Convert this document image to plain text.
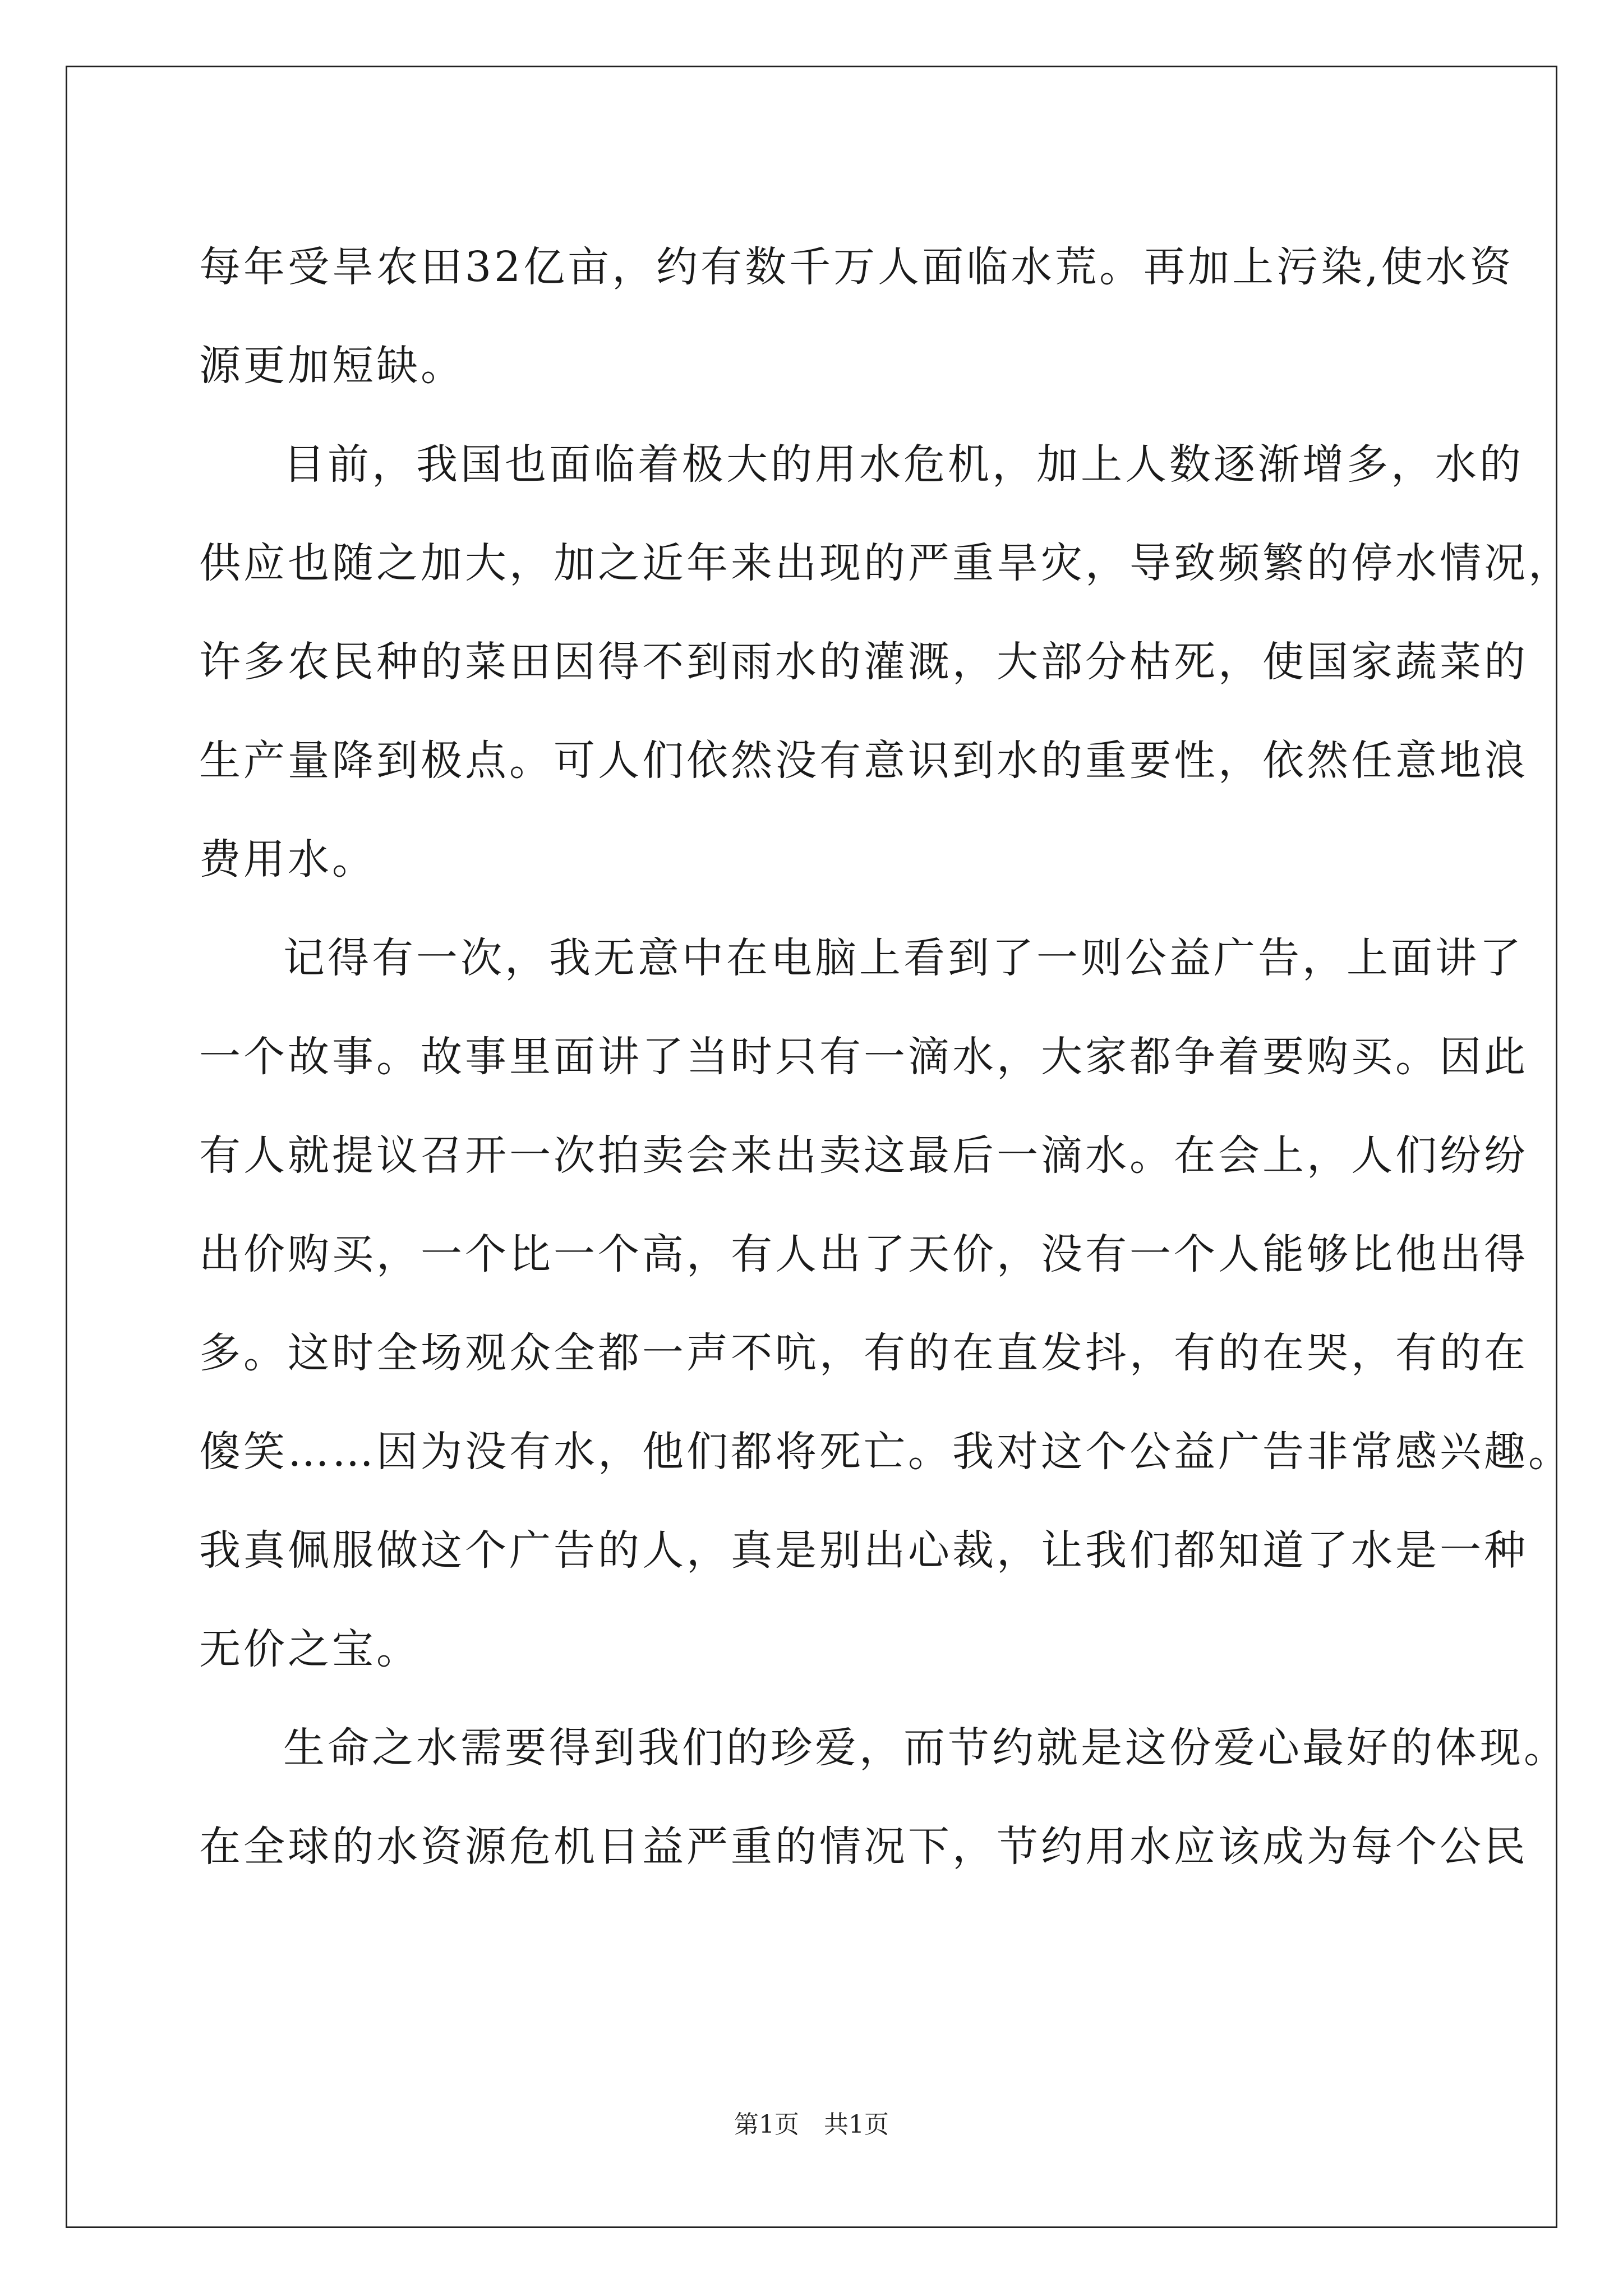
每年受旱农田32亿亩，约有数千万人面临水荒。再加上污染,使水资
源更加短缺。
目前，我国也面临着极大的用水危机，加上人数逐渐增多，水的
供应也随之加大，加之近年来出现的严重旱灾，导致频繁的停水情况，
许多农民种的菜田因得不到雨水的灌溉，大部分枯死，使国家蔬菜的
生产量降到极点。可人们依然没有意识到水的重要性，依然任意地浪
费用水。
记得有一次，我无意中在电脑上看到了一则公益广告，上面讲了
一个故事。故事里面讲了当时只有一滴水，大家都争着要购买。因此
有人就提议召开一次拍卖会来出卖这最后一滴水。在会上，人们纷纷
出价购买，一个比一个高，有人出了天价，没有一个人能够比他出得
多。这时全场观众全都一声不吭，有的在直发抖，有的在哭，有的在
傻笑……因为没有水，他们都将死亡。我对这个公益广告非常感兴趣。
我真佩服做这个广告的人，真是别出心裁，让我们都知道了水是一种
无价之宝。
生命之水需要得到我们的珍爱，而节约就是这份爱心最好的体现。
在全球的水资源危机日益严重的情况下，节约用水应该成为每个公民
第1页　共1页
